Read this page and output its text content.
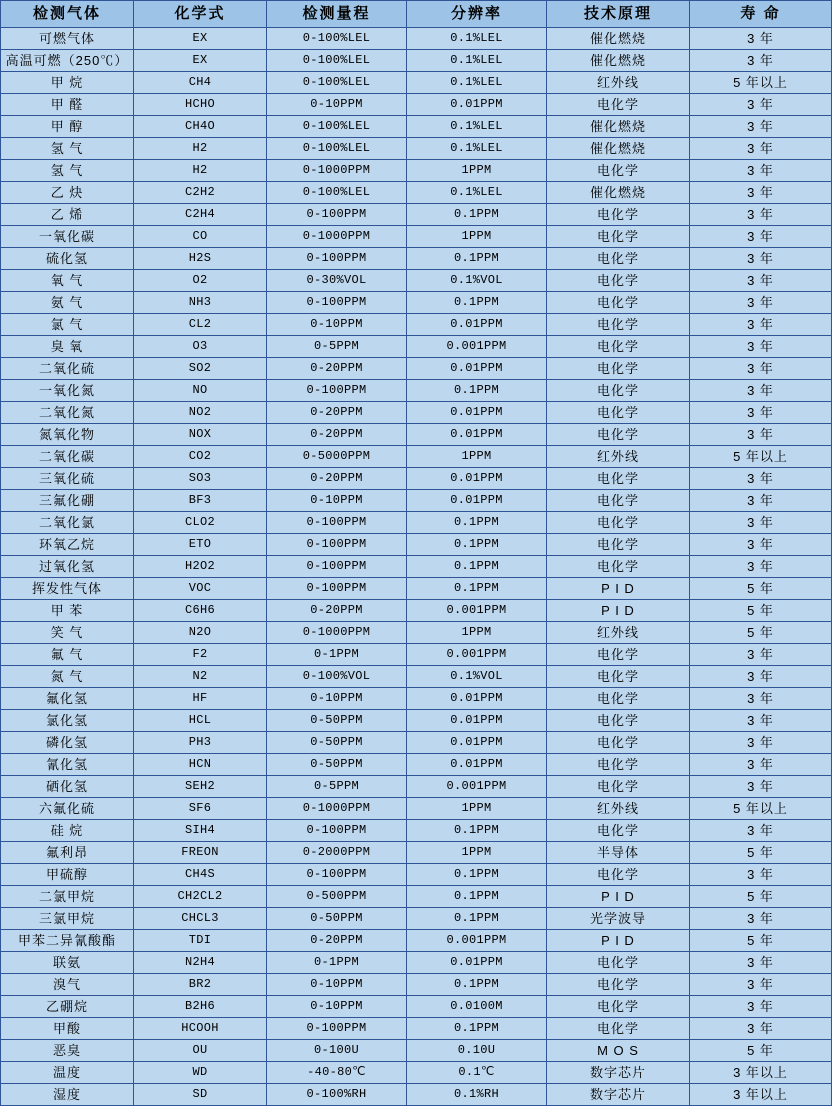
检测气体	化学式	检测量程	分辨率	技术原理	寿 命
可燃气体	EX	0-100%LEL	0.1%LEL	催化燃烧	3 年
高温可燃（250℃）	EX	0-100%LEL	0.1%LEL	催化燃烧	3 年
甲 烷	CH4	0-100%LEL	0.1%LEL	红外线	5 年以上
甲 醛	HCHO	0-10PPM	0.01PPM	电化学	3 年
甲 醇	CH4O	0-100%LEL	0.1%LEL	催化燃烧	3 年
氢 气	H2	0-100%LEL	0.1%LEL	催化燃烧	3 年
氢 气	H2	0-1000PPM	1PPM	电化学	3 年
乙 炔	C2H2	0-100%LEL	0.1%LEL	催化燃烧	3 年
乙 烯	C2H4	0-100PPM	0.1PPM	电化学	3 年
一氧化碳	CO	0-1000PPM	1PPM	电化学	3 年
硫化氢	H2S	0-100PPM	0.1PPM	电化学	3 年
氧 气	O2	0-30%VOL	0.1%VOL	电化学	3 年
氨 气	NH3	0-100PPM	0.1PPM	电化学	3 年
氯 气	CL2	0-10PPM	0.01PPM	电化学	3 年
臭 氧	O3	0-5PPM	0.001PPM	电化学	3 年
二氧化硫	SO2	0-20PPM	0.01PPM	电化学	3 年
一氧化氮	NO	0-100PPM	0.1PPM	电化学	3 年
二氧化氮	NO2	0-20PPM	0.01PPM	电化学	3 年
氮氧化物	NOX	0-20PPM	0.01PPM	电化学	3 年
二氧化碳	CO2	0-5000PPM	1PPM	红外线	5 年以上
三氧化硫	SO3	0-20PPM	0.01PPM	电化学	3 年
三氟化硼	BF3	0-10PPM	0.01PPM	电化学	3 年
二氧化氯	CLO2	0-100PPM	0.1PPM	电化学	3 年
环氧乙烷	ETO	0-100PPM	0.1PPM	电化学	3 年
过氧化氢	H2O2	0-100PPM	0.1PPM	电化学	3 年
挥发性气体	VOC	0-100PPM	0.1PPM	P I D	5 年
甲 苯	C6H6	0-20PPM	0.001PPM	P I D	5 年
笑 气	N2O	0-1000PPM	1PPM	红外线	5 年
氟 气	F2	0-1PPM	0.001PPM	电化学	3 年
氮 气	N2	0-100%VOL	0.1%VOL	电化学	3 年
氟化氢	HF	0-10PPM	0.01PPM	电化学	3 年
氯化氢	HCL	0-50PPM	0.01PPM	电化学	3 年
磷化氢	PH3	0-50PPM	0.01PPM	电化学	3 年
氰化氢	HCN	0-50PPM	0.01PPM	电化学	3 年
硒化氢	SEH2	0-5PPM	0.001PPM	电化学	3 年
六氟化硫	SF6	0-1000PPM	1PPM	红外线	5 年以上
硅 烷	SIH4	0-100PPM	0.1PPM	电化学	3 年
氟利昂	FREON	0-2000PPM	1PPM	半导体	5 年
甲硫醇	CH4S	0-100PPM	0.1PPM	电化学	3 年
二氯甲烷	CH2CL2	0-500PPM	0.1PPM	P I D	5 年
三氯甲烷	CHCL3	0-50PPM	0.1PPM	光学波导	3 年
甲苯二异氰酸酯	TDI	0-20PPM	0.001PPM	P I D	5 年
联氨	N2H4	0-1PPM	0.01PPM	电化学	3 年
溴气	BR2	0-10PPM	0.1PPM	电化学	3 年
乙硼烷	B2H6	0-10PPM	0.0100M	电化学	3 年
甲酸	HCOOH	0-100PPM	0.1PPM	电化学	3 年
恶臭	OU	0-100U	0.10U	M O S	5 年
温度	WD	-40-80℃	0.1℃	数字芯片	3 年以上
湿度	SD	0-100%RH	0.1%RH	数字芯片	3 年以上
